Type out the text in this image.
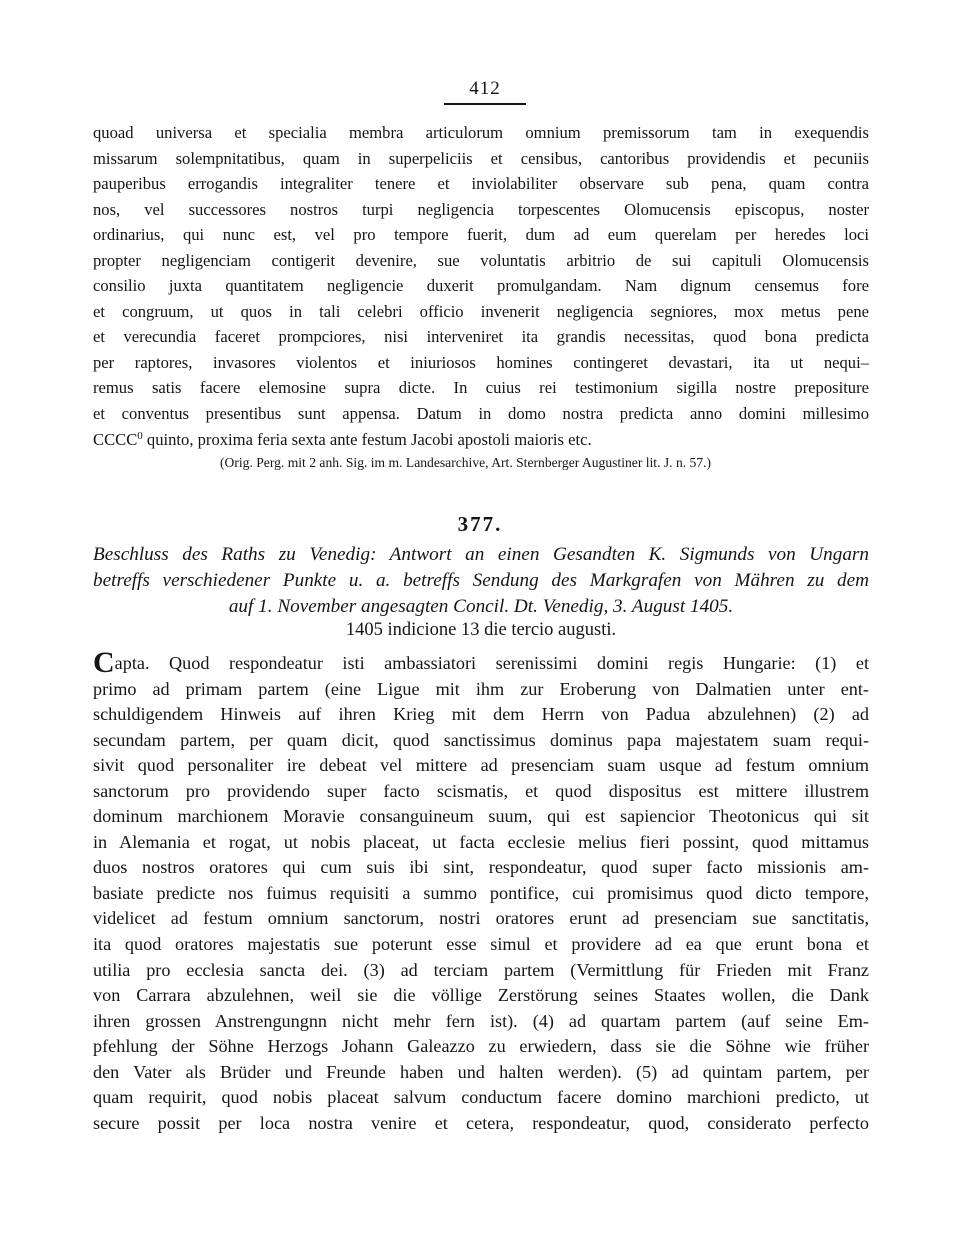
412
quoad universa et specialia membra articulorum omnium premissorum tam in exequendis
missarum solempnitatibus, quam in superpeliciis et censibus, cantoribus providendis et pecuniis
pauperibus errogandis integraliter tenere et inviolabiliter observare sub pena, quam contra
nos, vel successores nostros turpi negligencia torpescentes Olomucensis episcopus, noster
ordinarius, qui nunc est, vel pro tempore fuerit, dum ad eum querelam per heredes loci
propter negligenciam contigerit devenire, sue voluntatis arbitrio de sui capituli Olomucensis
consilio juxta quantitatem negligencie duxerit promulgandam. Nam dignum censemus fore
et congruum, ut quos in tali celebri officio invenerit negligencia segniores, mox metus pene
et verecundia faceret prompciores, nisi interveniret ita grandis necessitas, quod bona predicta
per raptores, invasores violentos et iniuriosos homines contingeret devastari, ita ut nequi–
remus satis facere elemosine supra dicte. In cuius rei testimonium sigilla nostre prepositure
et conventus presentibus sunt appensa. Datum in domo nostra predicta anno domini millesimo
CCCC$^0$ quinto, proxima feria sexta ante festum Jacobi apostoli maioris etc.
(Orig. Perg. mit 2 anh. Sig. im m. Landesarchive, Art. Sternberger Augustiner lit. J. n. 57.)
377.
Beschluss des Raths zu Venedig: Antwort an einen Gesandten K. Sigmunds von Ungarn
betreffs verschiedener Punkte u. a. betreffs Sendung des Markgrafen von Mähren zu dem
auf 1. November angesagten Concil. Dt. Venedig, 3. August 1405.
1405 indicione 13 die tercio augusti.
Capta. Quod respondeatur isti ambassiatori serenissimi domini regis Hungarie: (1) et
primo ad primam partem (eine Ligue mit ihm zur Eroberung von Dalmatien unter ent-
schuldigendem Hinweis auf ihren Krieg mit dem Herrn von Padua abzulehnen) (2) ad
secundam partem, per quam dicit, quod sanctissimus dominus papa majestatem suam requi-
sivit quod personaliter ire debeat vel mittere ad presenciam suam usque ad festum omnium
sanctorum pro providendo super facto scismatis, et quod dispositus est mittere illustrem
dominum marchionem Moravie consanguineum suum, qui est sapiencior Theotonicus qui sit
in Alemania et rogat, ut nobis placeat, ut facta ecclesie melius fieri possint, quod mittamus
duos nostros oratores qui cum suis ibi sint, respondeatur, quod super facto missionis am-
basiate predicte nos fuimus requisiti a summo pontifice, cui promisimus quod dicto tempore,
videlicet ad festum omnium sanctorum, nostri oratores erunt ad presenciam sue sanctitatis,
ita quod oratores majestatis sue poterunt esse simul et providere ad ea que erunt bona et
utilia pro ecclesia sancta dei. (3) ad terciam partem (Vermittlung für Frieden mit Franz
von Carrara abzulehnen, weil sie die völlige Zerstörung seines Staates wollen, die Dank
ihren grossen Anstrengungnn nicht mehr fern ist). (4) ad quartam partem (auf seine Em-
pfehlung der Söhne Herzogs Johann Galeazzo zu erwiedern, dass sie die Söhne wie früher
den Vater als Brüder und Freunde haben und halten werden). (5) ad quintam partem, per
quam requirit, quod nobis placeat salvum conductum facere domino marchioni predicto, ut
secure possit per loca nostra venire et cetera, respondeatur, quod, considerato perfecto
